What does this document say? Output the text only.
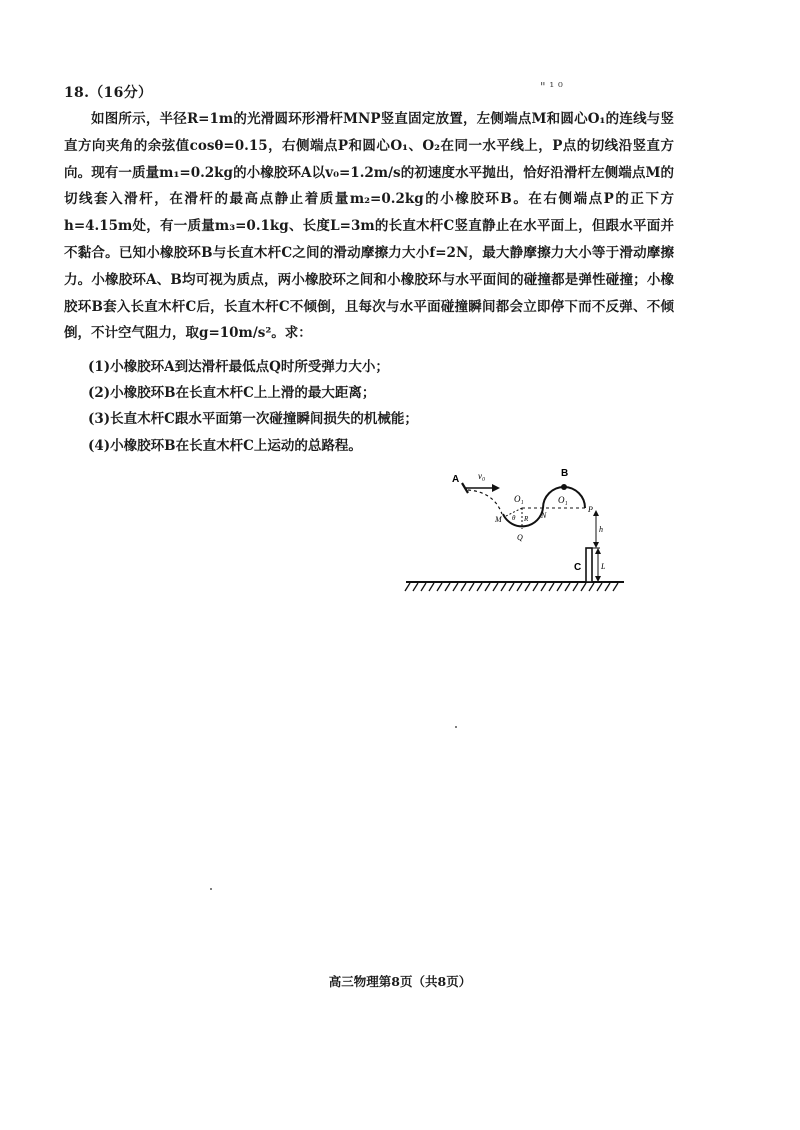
18.（16分）	" ¹ ⁰

如图所示，半径R=1m的光滑圆环形滑杆MNP竖直固定放置，左侧端点M和圆心O₁的连线与竖直方向夹角的余弦值cosθ=0.15，右侧端点P和圆心O₁、O₂在同一水平线上，P点的切线沿竖直方向。现有一质量m₁=0.2kg的小橡胶环A以v₀=1.2m/s的初速度水平抛出，恰好沿滑杆左侧端点M的切线套入滑杆，在滑杆的最高点静止着质量m₂=0.2kg的小橡胶环B。在右侧端点P的正下方h=4.15m处，有一质量m₃=0.1kg、长度L=3m的长直木杆C竖直静止在水平面上，但跟水平面并不黏合。已知小橡胶环B与长直木杆C之间的滑动摩擦力大小f=2N，最大静摩擦力大小等于滑动摩擦力。小橡胶环A、B均可视为质点，两小橡胶环之间和小橡胶环与水平面间的碰撞都是弹性碰撞；小橡胶环B套入长直木杆C后，长直木杆C不倾倒，且每次与水平面碰撞瞬间都会立即停下而不反弹、不倾倒，不计空气阻力，取g=10m/s²。求：

(1)小橡胶环A到达滑杆最低点Q时所受弹力大小；
(2)小橡胶环B在长直木杆C上上滑的最大距离；
(3)长直木杆C跟水平面第一次碰撞瞬间损失的机械能；
(4)小橡胶环B在长直木杆C上运动的总路程。
A v₀
O₁	O₁
B
M θ R N
P
Q
h
C L
高三物理第8页（共8页）
